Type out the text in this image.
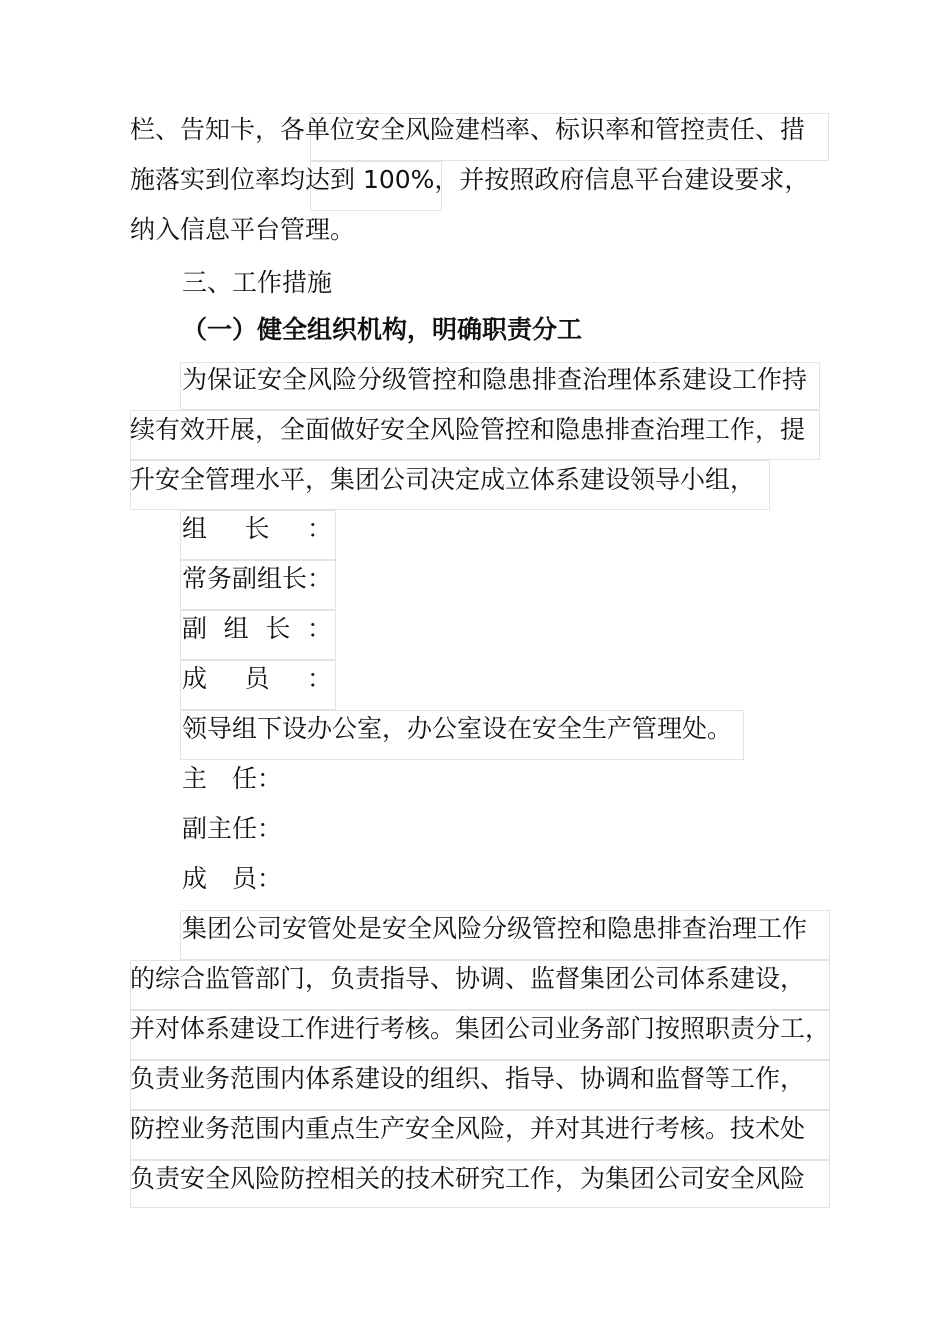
栏、告知卡，各单位安全风险建档率、标识率和管控责任、措
施落实到位率均达到 100%，并按照政府信息平台建设要求，
纳入信息平台管理。
三、工作措施
（一）健全组织机构，明确职责分工
为保证安全风险分级管控和隐患排查治理体系建设工作持
续有效开展，全面做好安全风险管控和隐患排查治理工作，提
升安全管理水平，集团公司决定成立体系建设领导小组，
组长：
常务副组长：
副组长：
成员：
领导组下设办公室，办公室设在安全生产管理处。
主　任：
副主任：
成　员：
集团公司安管处是安全风险分级管控和隐患排查治理工作
的综合监管部门，负责指导、协调、监督集团公司体系建设，
并对体系建设工作进行考核。集团公司业务部门按照职责分工，
负责业务范围内体系建设的组织、指导、协调和监督等工作，
防控业务范围内重点生产安全风险，并对其进行考核。技术处
负责安全风险防控相关的技术研究工作，为集团公司安全风险
